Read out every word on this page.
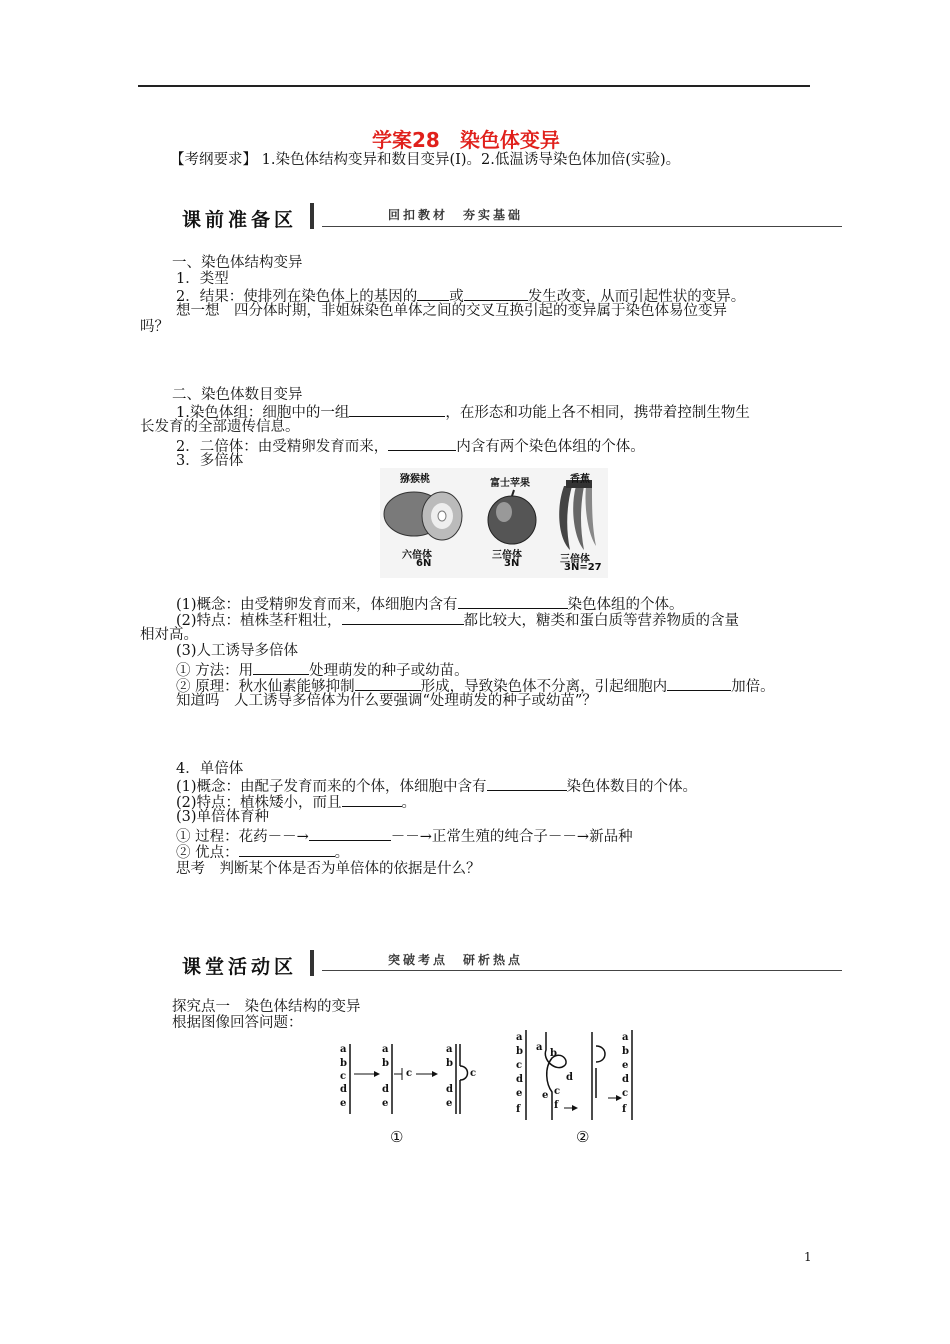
学案28　染色体变异
【考纲要求】 1.染色体结构变异和数目变异(Ⅰ)。2.低温诱导染色体加倍(实验)。
课前准备区	回扣教材　夯实基础
一、染色体结构变异
1．类型
2．结果：使排列在染色体上的基因的 或	发生改变，从而引起性状的变异。
想一想　四分体时期，非姐妹染色单体之间的交叉互换引起的变异属于染色体易位变异
吗？
二、染色体数目变异
1.染色体组：细胞中的一组	，在形态和功能上各不相同，携带着控制生物生
长发育的全部遗传信息。
2．二倍体：由受精卵发育而来，	内含有两个染色体组的个体。
3．多倍体
猕猴桃	富士苹果	香蕉
六倍体
6N
三倍体
3N	三倍体
3N=27
(1)概念：由受精卵发育而来，体细胞内含有	染色体组的个体。
(2)特点：植株茎秆粗壮，	都比较大，糖类和蛋白质等营养物质的含量
相对高。
(3)人工诱导多倍体
① 方法：用	处理萌发的种子或幼苗。
② 原理：秋水仙素能够抑制	形成，导致染色体不分离，引起细胞内	加倍。
知道吗　人工诱导多倍体为什么要强调“处理萌发的种子或幼苗”？
4．单倍体
(1)概念：由配子发育而来的个体，体细胞中含有	染色体数目的个体。
(2)特点：植株矮小，而且	。
(3)单倍体育种
① 过程：花药－－→	－－→正常生殖的纯合子－－→新品种
② 优点：	。
思考　判断某个体是否为单倍体的依据是什么？
课堂活动区	突破考点　研析热点
探究点一　染色体结构的变异
根据图像回答问题：
a
b
c
d
e
a
b
c
d
e
a
b
c
d
e
①
a
b
c
d
e
f
a
b
d
c
e
f
a
b
e
d
c
f
②
1
